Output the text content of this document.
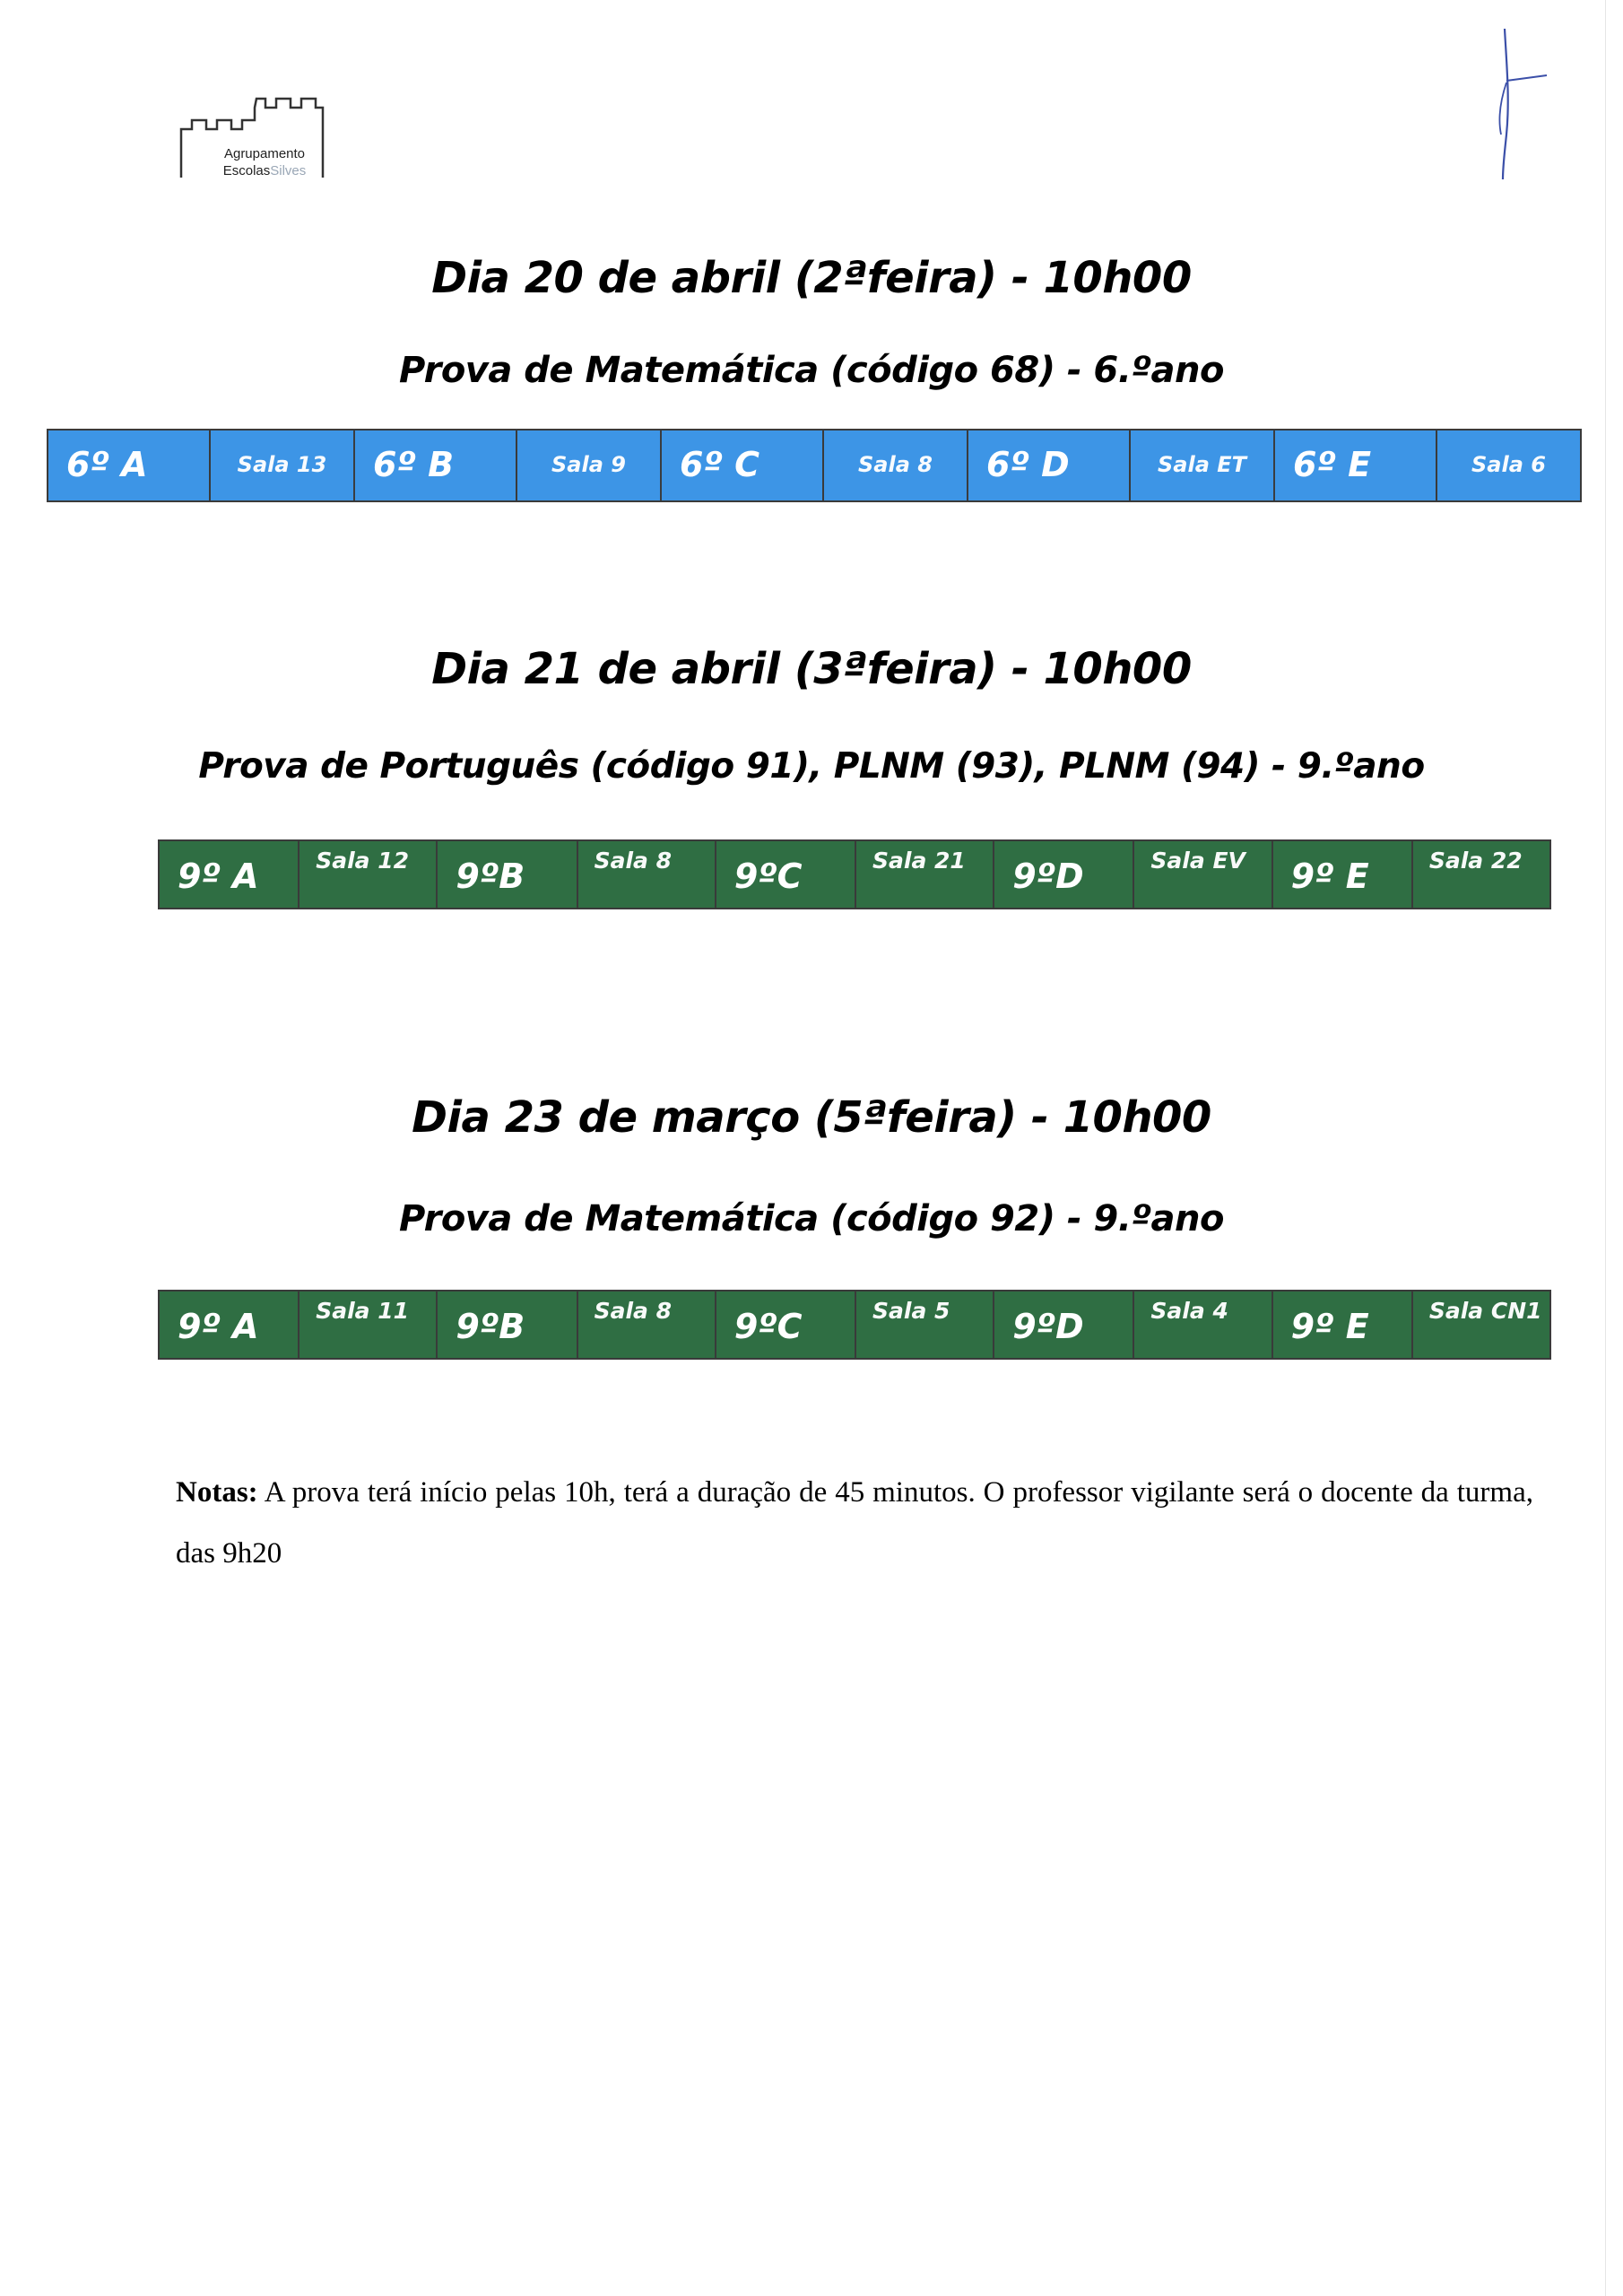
Agrupamento
EscolasSilves
Dia 20 de abril (2ªfeira) - 10h00
Prova de Matemática (código 68) - 6.ºano
6º A	Sala 13	6º B	Sala 9	6º C	Sala 8	6º D	Sala ET	6º E	Sala 6
Dia 21 de abril (3ªfeira) - 10h00
Prova de Português (código 91), PLNM (93), PLNM (94) - 9.ºano
9º A	Sala 12	9ºB	Sala 8	9ºC	Sala 21	9ºD	Sala EV	9º E	Sala 22
Dia 23 de março (5ªfeira) - 10h00
Prova de Matemática (código 92) - 9.ºano
9º A	Sala 11	9ºB	Sala 8	9ºC	Sala 5	9ºD	Sala 4	9º E	Sala CN1
Notas: A prova terá início pelas 10h, terá a duração de 45 minutos. O professor vigilante será o docente da turma, das 9h20
